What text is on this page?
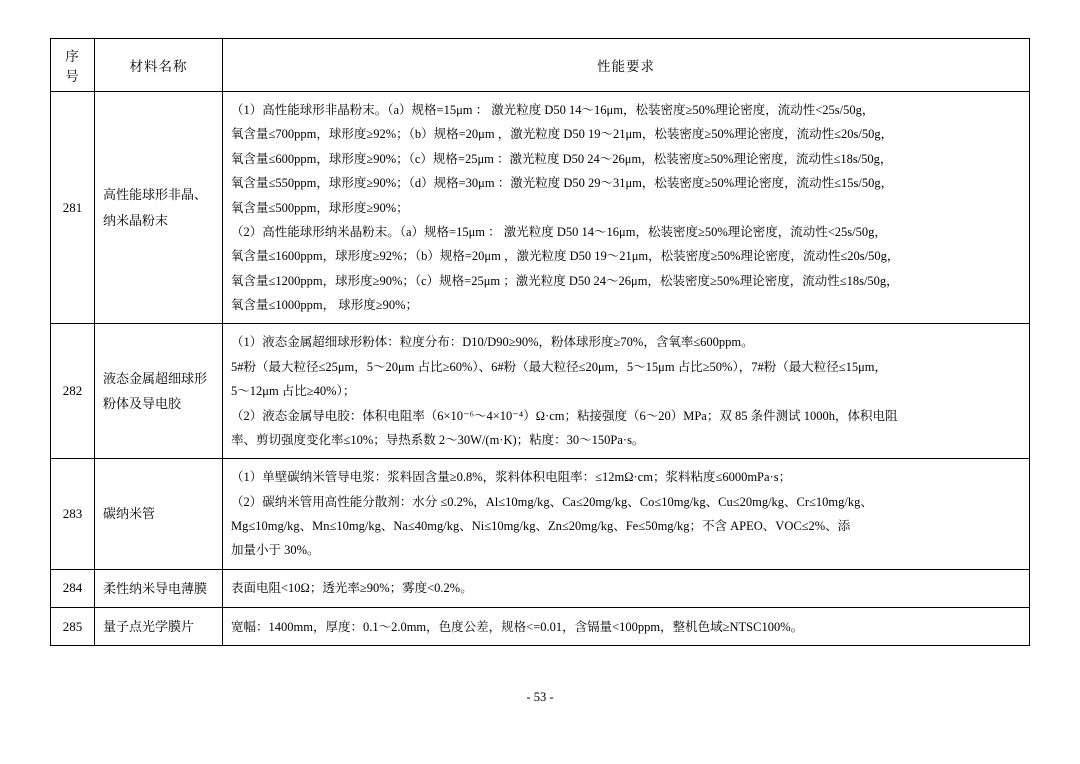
序号	材料名称	性能要求
281	高性能球形非晶、纳米晶粉末	

（1）高性能球形非晶粉末。（a）规格=15μm ： 激光粒度 D50 14～16μm，松装密度≥50%理论密度，流动性<25s/50g，

氧含量≤700ppm，球形度≥92%；（b）规格=20μm ，激光粒度 D50 19～21μm，松装密度≥50%理论密度，流动性≤20s/50g，

氧含量≤600ppm，球形度≥90%；（c）规格=25μm ：激光粒度 D50 24～26μm，松装密度≥50%理论密度，流动性≤18s/50g，

氧含量≤550ppm，球形度≥90%；（d）规格=30μm ：激光粒度 D50 29～31μm，松装密度≥50%理论密度，流动性≤15s/50g，

氧含量≤500ppm，球形度≥90%；

（2）高性能球形纳米晶粉末。（a）规格=15μm ： 激光粒度 D50 14～16μm，松装密度≥50%理论密度，流动性<25s/50g，

氧含量≤1600ppm，球形度≥92%；（b）规格=20μm ，激光粒度 D50 19～21μm，松装密度≥50%理论密度，流动性≤20s/50g，

氧含量≤1200ppm，球形度≥90%；（c）规格=25μm ；激光粒度 D50 24～26μm，松装密度≥50%理论密度，流动性≤18s/50g，

氧含量≤1000ppm， 球形度≥90%；

282	液态金属超细球形粉体及导电胶	（1）液态金属超细球形粉体：粒度分布：D10/D90≥90%，粉体球形度≥70%，含氧率≤600ppm。

5#粉（最大粒径≤25μm，5～20μm 占比≥60%）、6#粉（最大粒径≤20μm，5～15μm 占比≥50%），7#粉（最大粒径≤15μm，

5～12μm 占比≥40%）；

（2）液态金属导电胶：体积电阻率（6×10⁻⁶～4×10⁻⁴）Ω·cm；粘接强度（6～20）MPa；双 85 条件测试 1000h，体积电阻

率、剪切强度变化率≤10%；导热系数 2～30W/(m·K)；粘度：30～150Pa·s。

283	碳纳米管	（1）单壁碳纳米管导电浆：浆料固含量≥0.8%，浆料体积电阻率：≤12mΩ·cm；浆料粘度≤6000mPa·s；

（2）碳纳米管用高性能分散剂：水分 ≤0.2%，Al≤10mg/kg、Ca≤20mg/kg、Co≤10mg/kg、Cu≤20mg/kg、Cr≤10mg/kg、

Mg≤10mg/kg、Mn≤10mg/kg、Na≤40mg/kg、Ni≤10mg/kg、Zn≤20mg/kg、Fe≤50mg/kg；不含 APEO、VOC≤2%、添

加量小于 30%。

284	柔性纳米导电薄膜	表面电阻<10Ω；透光率≥90%；雾度<0.2%。

285	量子点光学膜片	宽幅：1400mm，厚度：0.1～2.0mm，色度公差，规格<=0.01，含镉量<100ppm，整机色域≥NTSC100%。

- 53 -
